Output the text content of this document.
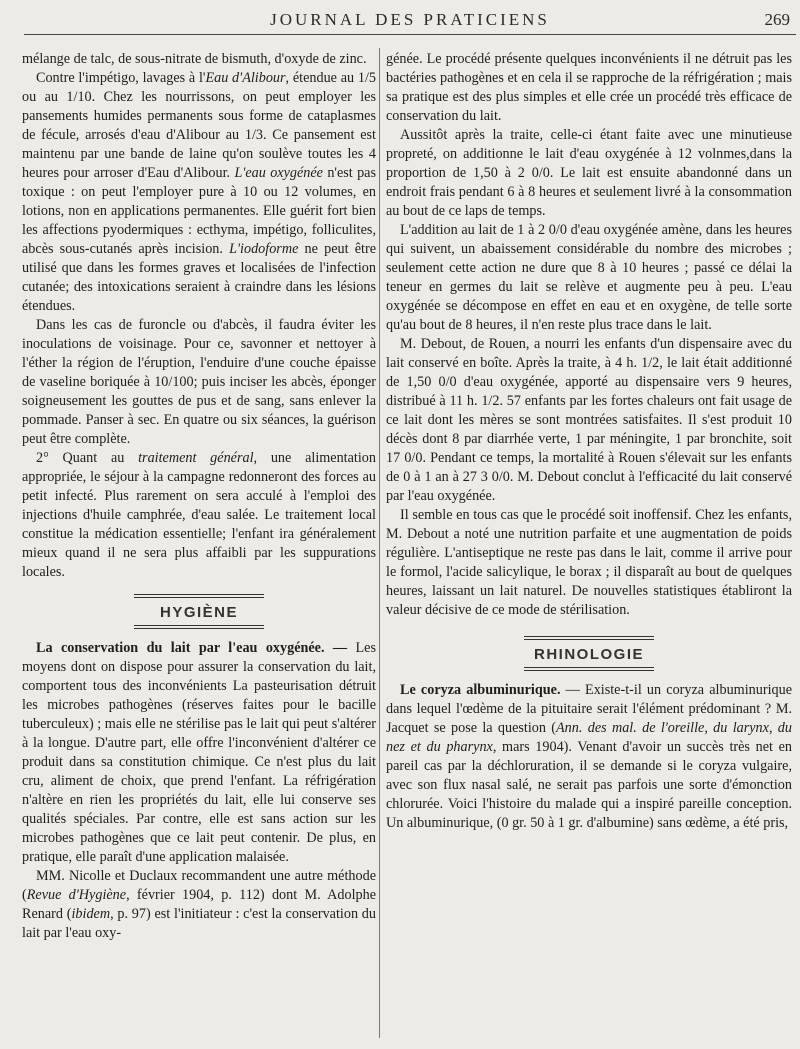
JOURNAL DES PRATICIENS	269

mélange de talc, de sous-nitrate de bismuth, d'oxyde de zinc.

Contre l'impétigo, lavages à l'Eau d'Alibour, étendue au 1/5 ou au 1/10. Chez les nourrissons, on peut employer les pansements humides permanents sous forme de cataplasmes de fécule, arrosés d'eau d'Alibour au 1/3. Ce pansement est maintenu par une bande de laine qu'on soulève toutes les 4 heures pour arroser d'Eau d'Alibour. L'eau oxygénée n'est pas toxique : on peut l'employer pure à 10 ou 12 volumes, en lotions, non en applications permanentes. Elle guérit fort bien les affections pyodermiques : ecthyma, impétigo, folliculites, abcès sous-cutanés après incision. L'iodoforme ne peut être utilisé que dans les formes graves et localisées de l'infection cutanée; des intoxications seraient à craindre dans les lésions étendues.

Dans les cas de furoncle ou d'abcès, il faudra éviter les inoculations de voisinage. Pour ce, savonner et nettoyer à l'éther la région de l'éruption, l'enduire d'une couche épaisse de vaseline boriquée à 10/100; puis inciser les abcès, éponger soigneusement les gouttes de pus et de sang, sans enlever la pommade. Panser à sec. En quatre ou six séances, la guérison peut être complète.

2° Quant au traitement général, une alimentation appropriée, le séjour à la campagne redonneront des forces au petit infecté. Plus rarement on sera acculé à l'emploi des injections d'huile camphrée, d'eau salée. Le traitement local constitue la médication essentielle; l'enfant ira généralement mieux quand il ne sera plus affaibli par les suppurations locales.

HYGIÈNE

La conservation du lait par l'eau oxygénée. — Les moyens dont on dispose pour assurer la conservation du lait, comportent tous des inconvénients La pasteurisation détruit les microbes pathogènes (réserves faites pour le bacille tuberculeux) ; mais elle ne stérilise pas le lait qui peut s'altérer à la longue. D'autre part, elle offre l'inconvénient d'altérer ce produit dans sa constitution chimique. Ce n'est plus du lait cru, aliment de choix, que prend l'enfant. La réfrigération n'altère en rien les propriétés du lait, elle lui conserve ses qualités spéciales. Par contre, elle est sans action sur les microbes pathogènes que ce lait peut contenir. De plus, en pratique, elle paraît d'une application malaisée.

MM. Nicolle et Duclaux recommandent une autre méthode (Revue d'Hygiène, février 1904, p. 112) dont M. Adolphe Renard (ibidem, p. 97) est l'initiateur : c'est la conservation du lait par l'eau oxy-

génée. Le procédé présente quelques inconvénients il ne détruit pas les bactéries pathogènes et en cela il se rapproche de la réfrigération ; mais sa pratique est des plus simples et elle crée un procédé très efficace de conservation du lait.

Aussitôt après la traite, celle-ci étant faite avec une minutieuse propreté, on additionne le lait d'eau oxygénée à 12 volnmes,dans la proportion de 1,50 à 2 0/0. Le lait est ensuite abandonné dans un endroit frais pendant 6 à 8 heures et seulement livré à la consommation au bout de ce laps de temps.

L'addition au lait de 1 à 2 0/0 d'eau oxygénée amène, dans les heures qui suivent, un abaissement considérable du nombre des microbes ; seulement cette action ne dure que 8 à 10 heures ; passé ce délai la teneur en germes du lait se relève et augmente peu à peu. L'eau oxygénée se décompose en effet en eau et en oxygène, de telle sorte qu'au bout de 8 heures, il n'en reste plus trace dans le lait.

M. Debout, de Rouen, a nourri les enfants d'un dispensaire avec du lait conservé en boîte. Après la traite, à 4 h. 1/2, le lait était additionné de 1,50 0/0 d'eau oxygénée, apporté au dispensaire vers 9 heures, distribué à 11 h. 1/2. 57 enfants par les fortes chaleurs ont fait usage de ce lait dont les mères se sont montrées satisfaites. Il s'est produit 10 décès dont 8 par diarrhée verte, 1 par méningite, 1 par bronchite, soit 17 0/0. Pendant ce temps, la mortalité à Rouen s'élevait sur les enfants de 0 à 1 an à 27 3 0/0. M. Debout conclut à l'efficacité du lait conservé par l'eau oxygénée.

Il semble en tous cas que le procédé soit inoffensif. Chez les enfants, M. Debout a noté une nutrition parfaite et une augmentation de poids régulière. L'antiseptique ne reste pas dans le lait, comme il arrive pour le formol, l'acide salicylique, le borax ; il disparaît au bout de quelques heures, laissant un lait naturel. De nouvelles statistiques établiront la valeur décisive de ce mode de stérilisation.

RHINOLOGIE

Le coryza albuminurique. — Existe-t-il un coryza albuminurique dans lequel l'œdème de la pituitaire serait l'élément prédominant ? M. Jacquet se pose la question (Ann. des mal. de l'oreille, du larynx, du nez et du pharynx, mars 1904). Venant d'avoir un succès très net en pareil cas par la déchloruration, il se demande si le coryza vulgaire, avec son flux nasal salé, ne serait pas parfois une sorte d'émonction chlorurée. Voici l'histoire du malade qui a inspiré pareille conception. Un albuminurique, (0 gr. 50 à 1 gr. d'albumine) sans œdème, a été pris,
